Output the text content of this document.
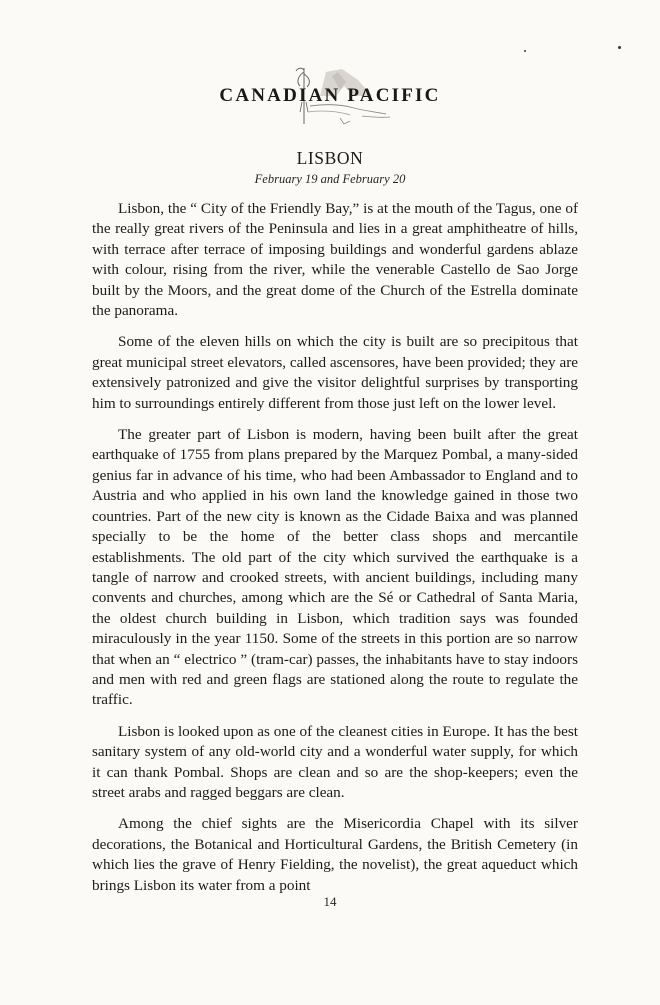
CANADIAN PACIFIC
LISBON
February 19 and February 20

Lisbon, the “ City of the Friendly Bay,” is at the mouth of the Tagus, one of the really great rivers of the Peninsula and lies in a great amphitheatre of hills, with terrace after terrace of imposing buildings and wonderful gardens ablaze with colour, rising from the river, while the venerable Castello de Sao Jorge built by the Moors, and the great dome of the Church of the Estrella dominate the panorama.

Some of the eleven hills on which the city is built are so precipitous that great municipal street elevators, called ascensores, have been provided; they are extensively patronized and give the visitor delightful surprises by transporting him to surroundings entirely different from those just left on the lower level.

The greater part of Lisbon is modern, having been built after the great earthquake of 1755 from plans prepared by the Marquez Pombal, a many-sided genius far in advance of his time, who had been Ambassador to England and to Austria and who applied in his own land the knowledge gained in those two countries. Part of the new city is known as the Cidade Baixa and was planned specially to be the home of the better class shops and mercantile establishments. The old part of the city which survived the earthquake is a tangle of narrow and crooked streets, with ancient buildings, including many convents and churches, among which are the Sé or Cathedral of Santa Maria, the oldest church building in Lisbon, which tradition says was founded miraculously in the year 1150. Some of the streets in this portion are so narrow that when an “ electrico ” (tram-car) passes, the inhabitants have to stay indoors and men with red and green flags are stationed along the route to regulate the traffic.

Lisbon is looked upon as one of the cleanest cities in Europe. It has the best sanitary system of any old-world city and a wonderful water supply, for which it can thank Pombal. Shops are clean and so are the shop-keepers; even the street arabs and ragged beggars are clean.

Among the chief sights are the Misericordia Chapel with its silver decorations, the Botanical and Horticultural Gardens, the British Cemetery (in which lies the grave of Henry Fielding, the novelist), the great aqueduct which brings Lisbon its water from a point

14
